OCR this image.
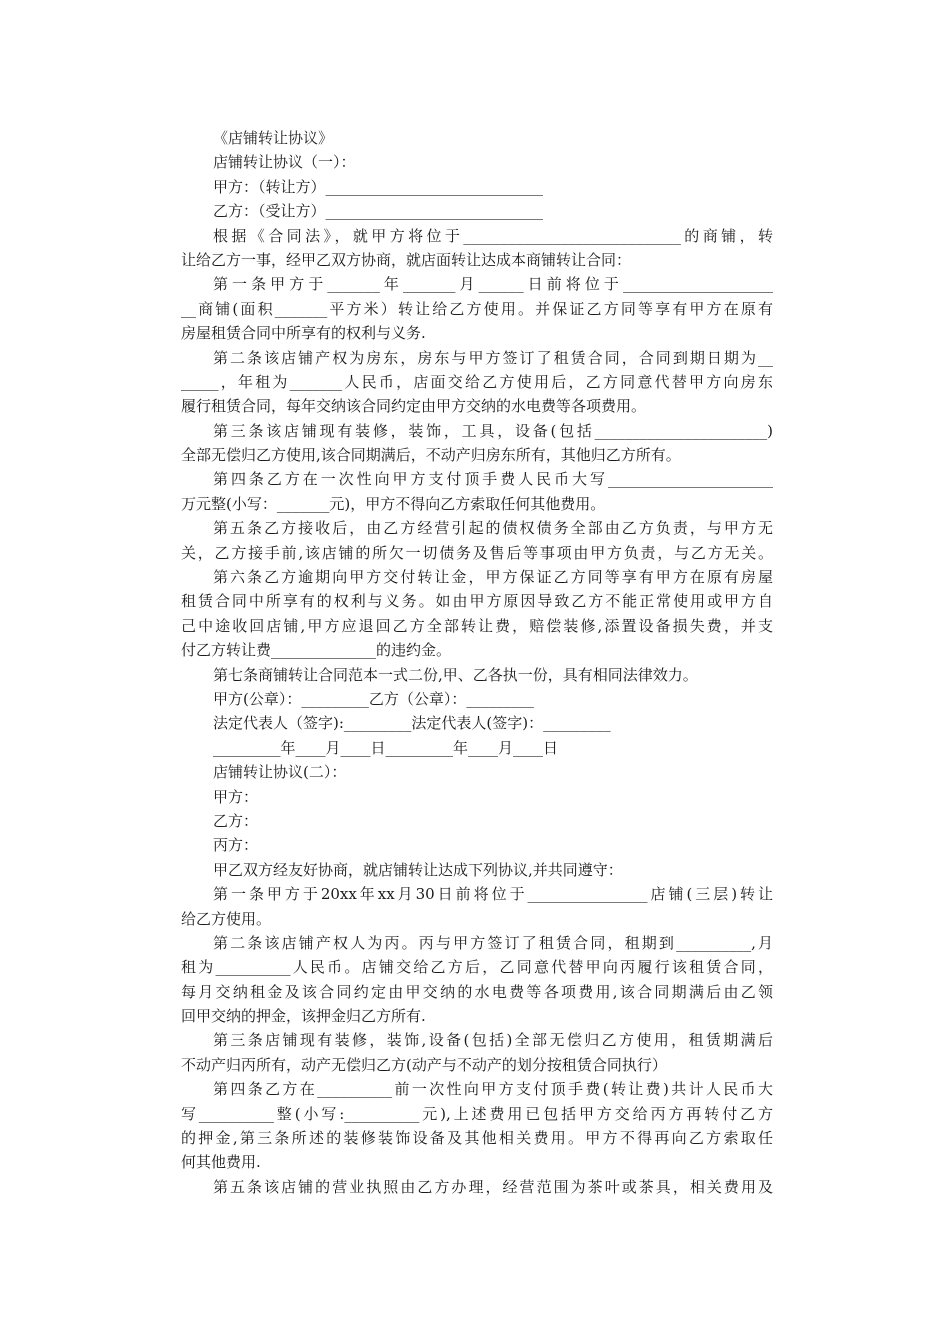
《店铺转让协议》
店铺转让协议（一）：
甲方：（转让方）_____________________________
乙方：（受让方）_____________________________
根据《合同法》，就甲方将位于_____________________________的商铺，转
让给乙方一事，经甲乙双方协商，就店面转让达成本商铺转让合同：
第一条甲方于_______年_______月______日前将位于____________________
__商铺(面积_______平方米）转让给乙方使用。并保证乙方同等享有甲方在原有
房屋租赁合同中所享有的权利与义务.
第二条该店铺产权为房东，房东与甲方签订了租赁合同，合同到期日期为__
_____，年租为_______人民币，店面交给乙方使用后，乙方同意代替甲方向房东
履行租赁合同，每年交纳该合同约定由甲方交纳的水电费等各项费用。
第三条该店铺现有装修，装饰，工具，设备(包括_______________________)
全部无偿归乙方使用,该合同期满后，不动产归房东所有，其他归乙方所有。
第四条乙方在一次性向甲方支付顶手费人民币大写______________________
万元整(小写：_______元)，甲方不得向乙方索取任何其他费用。
第五条乙方接收后，由乙方经营引起的债权债务全部由乙方负责，与甲方无
关，乙方接手前,该店铺的所欠一切债务及售后等事项由甲方负责，与乙方无关。
第六条乙方逾期向甲方交付转让金，甲方保证乙方同等享有甲方在原有房屋
租赁合同中所享有的权利与义务。如由甲方原因导致乙方不能正常使用或甲方自
己中途收回店铺,甲方应退回乙方全部转让费，赔偿装修,添置设备损失费，并支
付乙方转让费______________的违约金。
第七条商铺转让合同范本一式二份,甲、乙各执一份，具有相同法律效力。
甲方(公章）：_________乙方（公章）：_________
法定代表人（签字):_________法定代表人(签字)：_________
_________年____月____日_________年____月____日
店铺转让协议(二）：
甲方：
乙方：
丙方：
甲乙双方经友好协商，就店铺转让达成下列协议,并共同遵守：
第一条甲方于20xx年xx月30日前将位于________________店铺(三层)转让
给乙方使用。
第二条该店铺产权人为丙。丙与甲方签订了租赁合同，租期到__________,月
租为__________人民币。店铺交给乙方后，乙同意代替甲向丙履行该租赁合同，
每月交纳租金及该合同约定由甲交纳的水电费等各项费用,该合同期满后由乙领
回甲交纳的押金，该押金归乙方所有.
第三条店铺现有装修，装饰,设备(包括)全部无偿归乙方使用，租赁期满后
不动产归丙所有，动产无偿归乙方(动产与不动产的划分按租赁合同执行）
第四条乙方在__________前一次性向甲方支付顶手费(转让费)共计人民币大
写__________整(小写:__________元),上述费用已包括甲方交给丙方再转付乙方
的押金,第三条所述的装修装饰设备及其他相关费用。甲方不得再向乙方索取任
何其他费用.
第五条该店铺的营业执照由乙方办理，经营范围为茶叶或茶具，相关费用及
